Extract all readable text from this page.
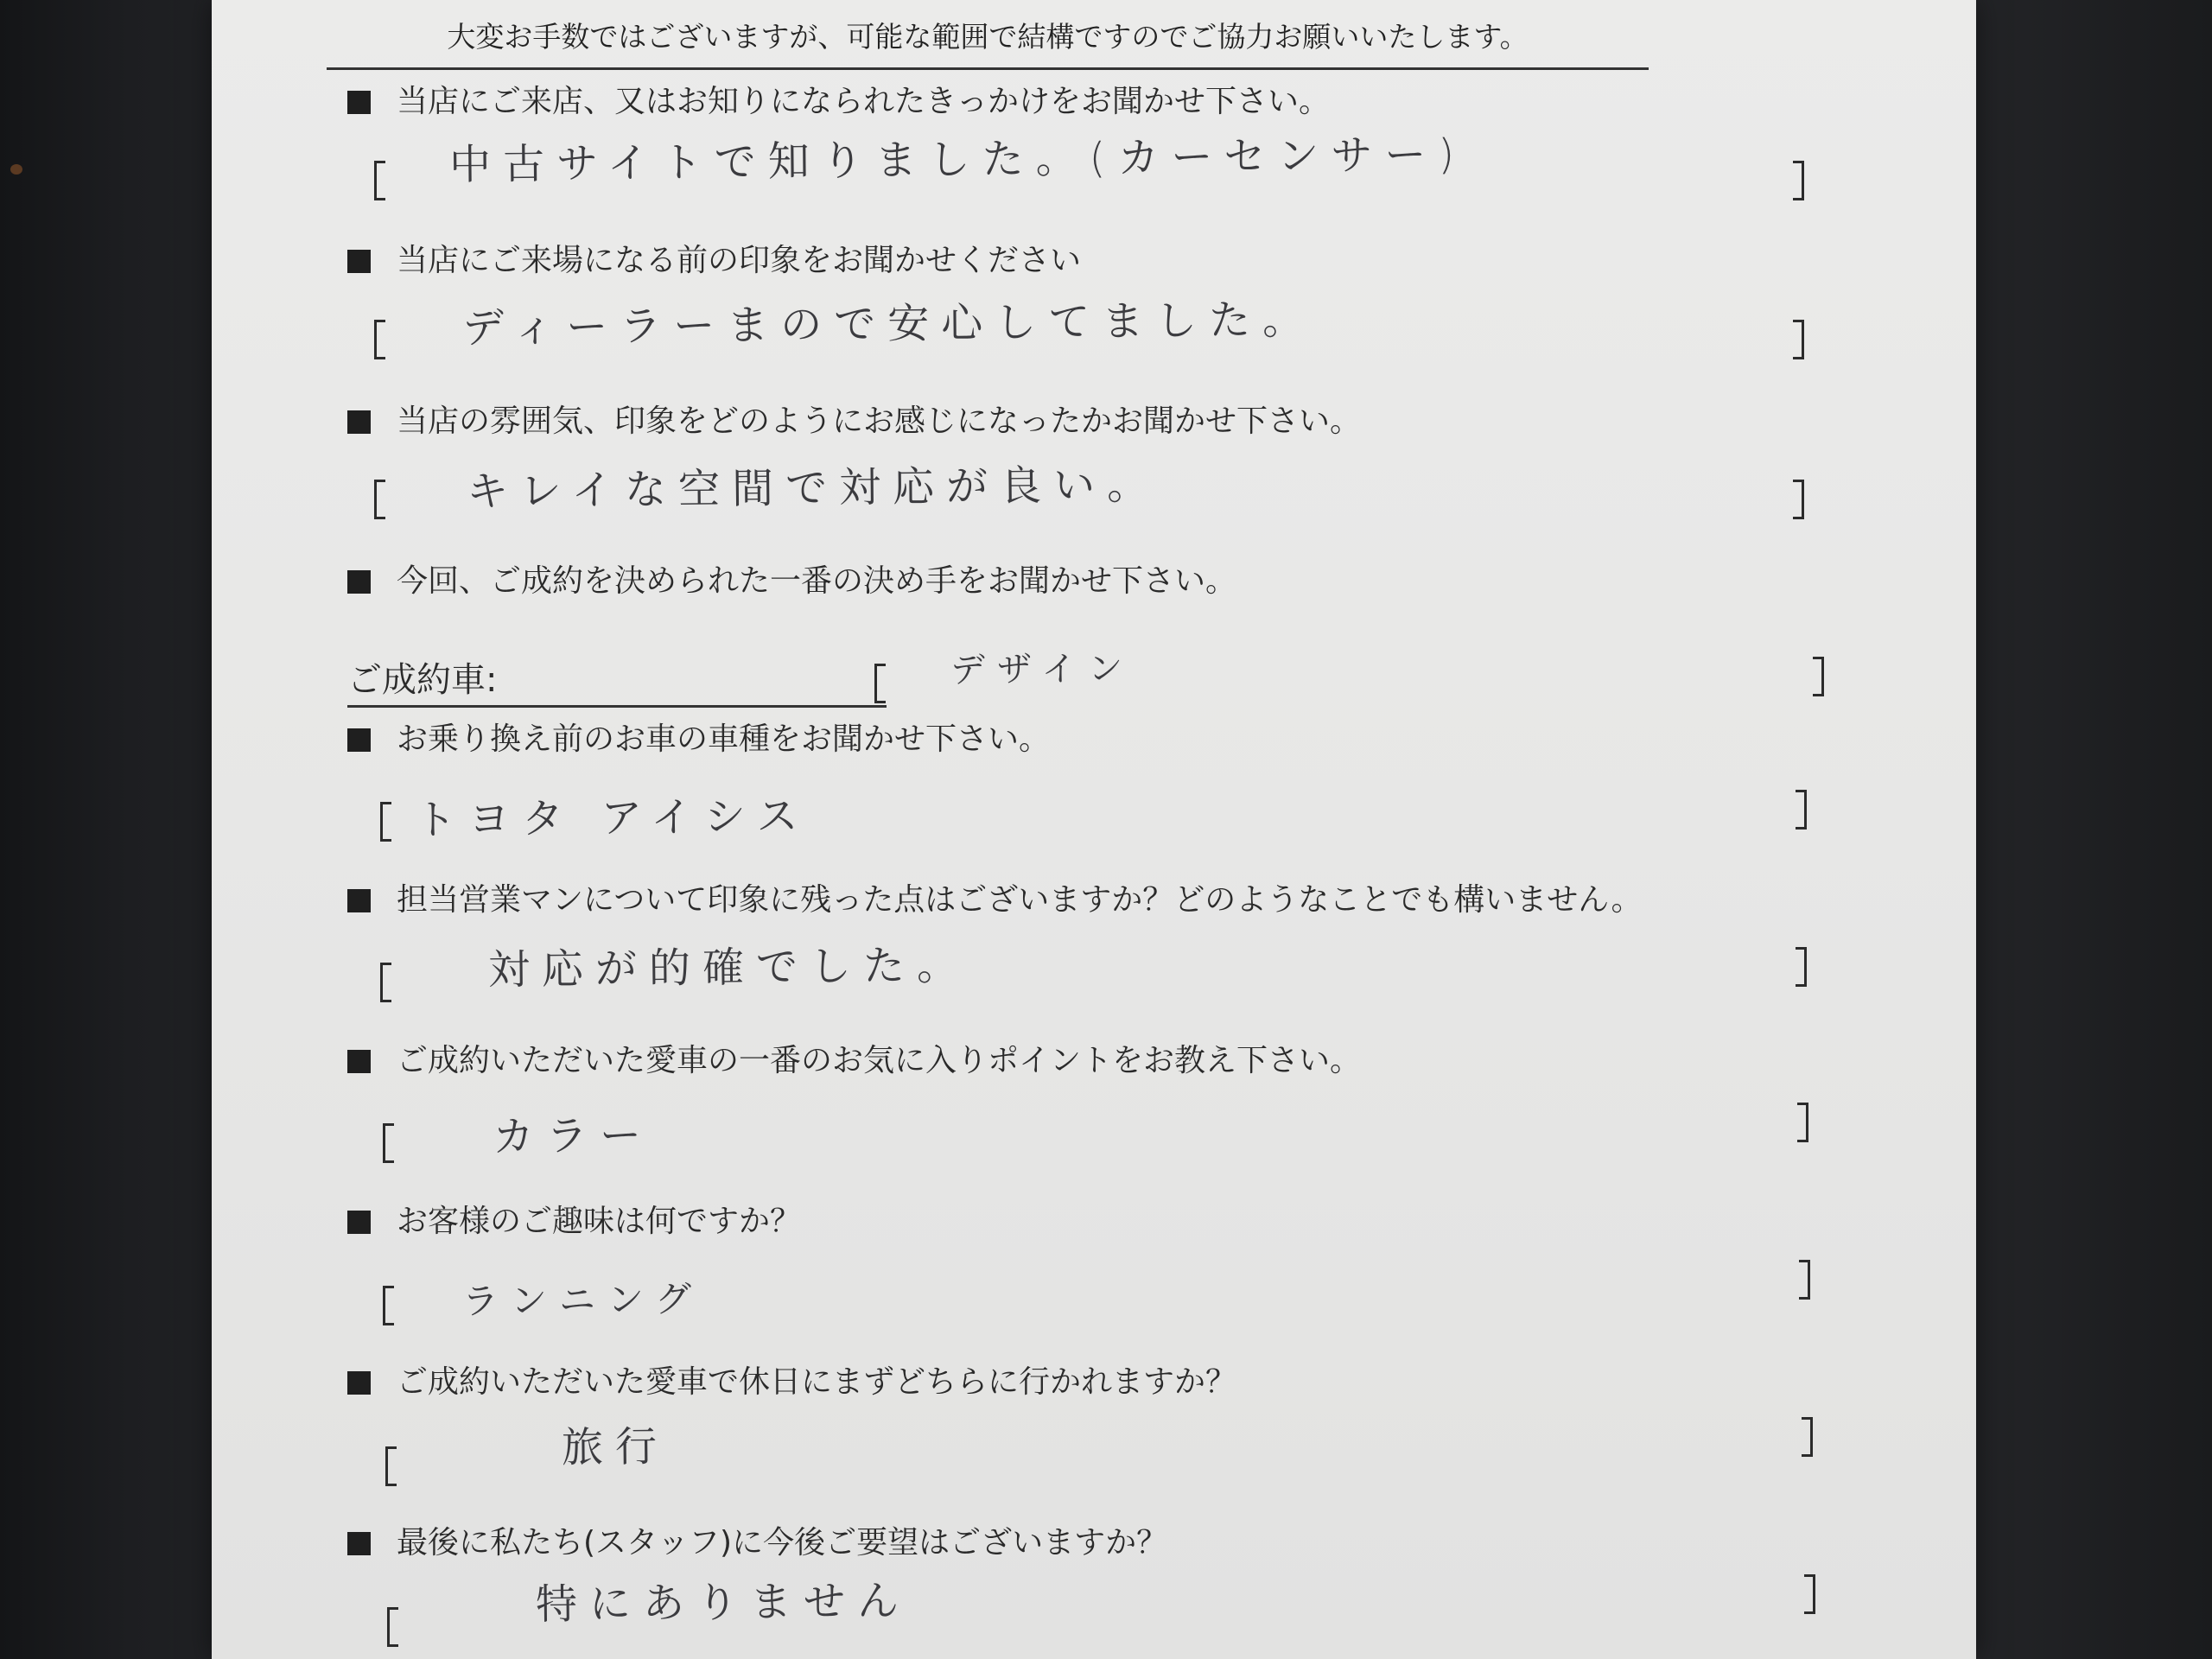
大変お手数ではございますが、可能な範囲で結構ですのでご協力お願いいたします。
当店にご来店、又はお知りになられたきっかけをお聞かせ下さい。
中古サイトで知りました。(カーセンサー)
当店にご来場になる前の印象をお聞かせください
ディーラーまので安心してました。
当店の雰囲気、印象をどのようにお感じになったかお聞かせ下さい。
キレイな空間で対応が良い。
今回、ご成約を決められた一番の決め手をお聞かせ下さい。
ご成約車:	デザイン
お乗り換え前のお車の車種をお聞かせ下さい。
トヨタ アイシス
担当営業マンについて印象に残った点はございますか？どのようなことでも構いません。
対応が的確でした。
ご成約いただいた愛車の一番のお気に入りポイントをお教え下さい。
カラー
お客様のご趣味は何ですか？
ランニング
ご成約いただいた愛車で休日にまずどちらに行かれますか？
旅行
最後に私たち(スタッフ)に今後ご要望はございますか？
特にありません
